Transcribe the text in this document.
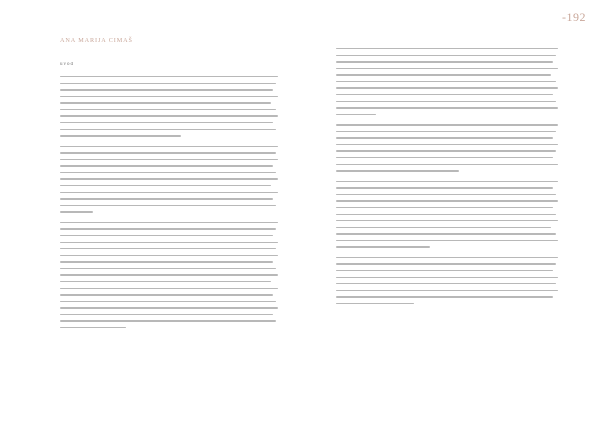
-192
ANA MARIJA CIMAŠ
uvod
